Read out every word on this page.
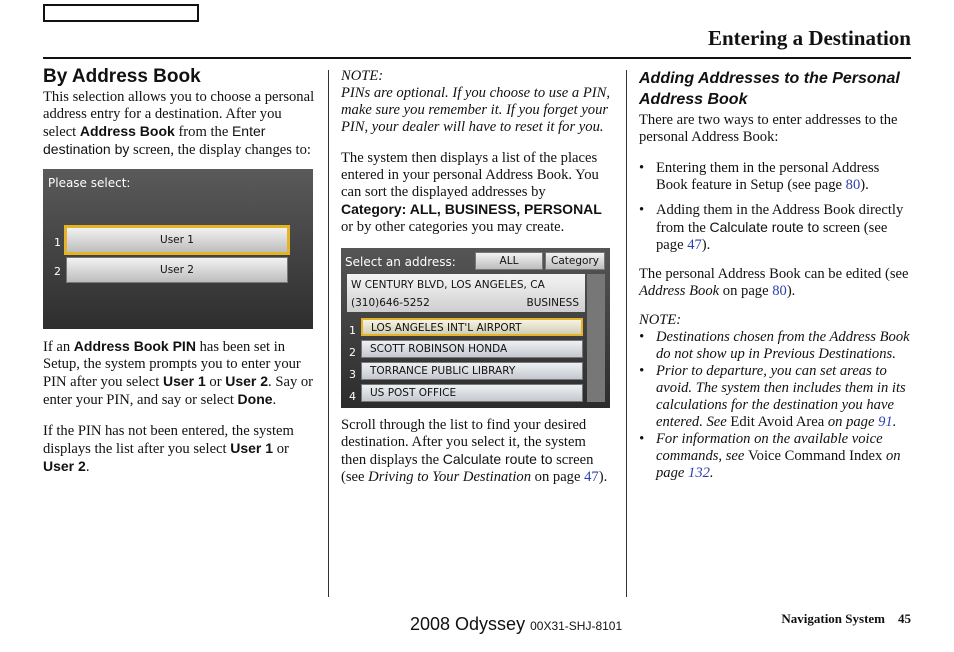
Entering a Destination
By Address Book

This selection allows you to choose a personal address entry for a destination. After you select Address Book from the Enter destination by screen, the display changes to:

Please select:
1	User 1
2	User 2

If an Address Book PIN has been set in Setup, the system prompts you to enter your PIN after you select User 1 or User 2. Say or enter your PIN, and say or select Done.

If the PIN has not been entered, the system displays the list after you select User 1 or User 2.

NOTE:

PINs are optional. If you choose to use a PIN, make sure you remember it. If you forget your PIN, your dealer will have to reset it for you.

The system then displays a list of the places entered in your personal Address Book. You can sort the displayed addresses by Category: ALL, BUSINESS, PERSONAL or by other categories you may create.

Select an address:	ALL	Category
W CENTURY BLVD, LOS ANGELES, CA
(310)646-5252	BUSINESS
1	LOS ANGELES INT'L AIRPORT
2	SCOTT ROBINSON HONDA
3	TORRANCE PUBLIC LIBRARY
4	US POST OFFICE

Scroll through the list to find your desired destination. After you select it, the system then displays the Calculate route to screen (see Driving to Your Destination on page 47).

Adding Addresses to the Personal Address Book

There are two ways to enter addresses to the personal Address Book:

• Entering them in the personal Address Book feature in Setup (see page 80).
• Adding them in the Address Book directly from the Calculate route to screen (see page 47).

The personal Address Book can be edited (see Address Book on page 80).

NOTE:
• Destinations chosen from the Address Book do not show up in Previous Destinations.
• Prior to departure, you can set areas to avoid. The system then includes them in its calculations for the destination you have entered. See Edit Avoid Area on page 91.
• For information on the available voice commands, see Voice Command Index on page 132.
2008 Odyssey 00X31-SHJ-8101	Navigation System 45
